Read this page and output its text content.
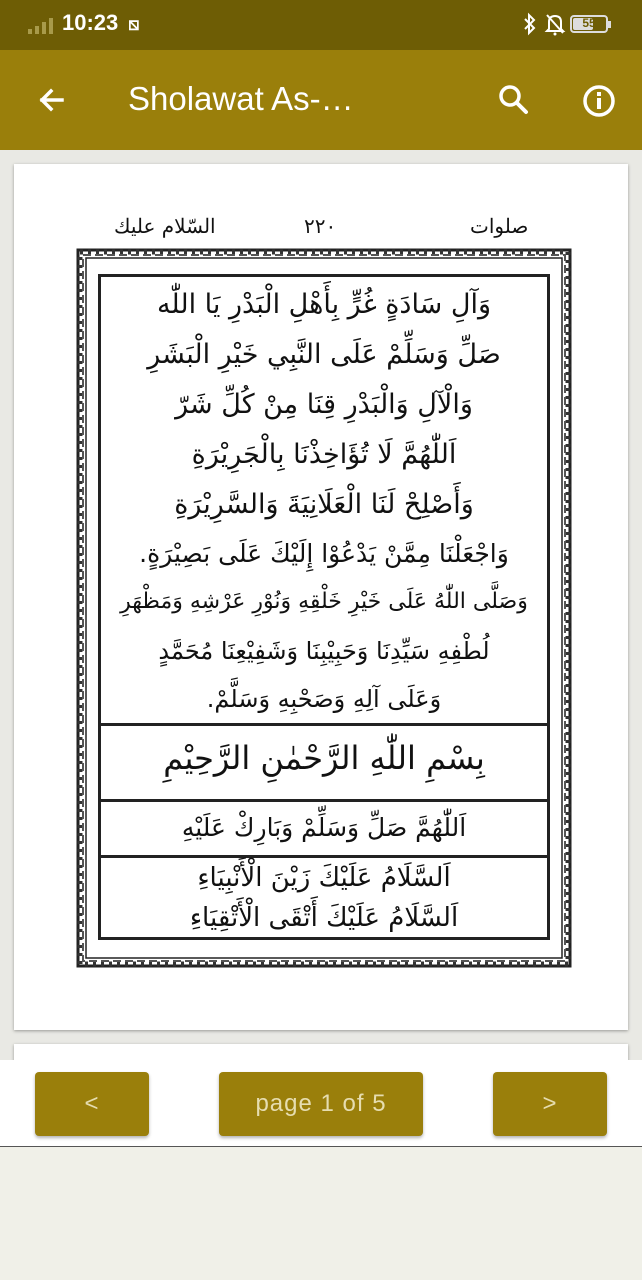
10:23 ⧅	55
Sholawat As-…
السّلام عليك	٢٢٠	صلوات
وَآلِ سَادَةٍ غُرٍّ بِأَهْلِ الْبَدْرِ يَا اللّٰه
صَلِّ وَسَلِّمْ عَلَى النَّبِي خَيْرِ الْبَشَرِ
وَالْآلِ وَالْبَدْرِ قِنَا مِنْ كُلِّ شَرّ
اَللّٰهُمَّ لَا تُؤَاخِذْنَا بِالْجَرِيْرَةِ
وَأَصْلِحْ لَنَا الْعَلَانِيَةَ وَالسَّرِيْرَةِ
وَاجْعَلْنَا مِمَّنْ يَدْعُوْا إِلَيْكَ عَلَى بَصِيْرَةٍ.
وَصَلَّى اللّٰهُ عَلَى خَيْرِ خَلْقِهِ وَنُوْرِ عَرْشِهِ وَمَظْهَرِ
لُطْفِهِ سَيِّدِنَا وَحَبِيْبِنَا وَشَفِيْعِنَا مُحَمَّدٍ
وَعَلَى آلِهِ وَصَحْبِهِ وَسَلَّمْ.
بِسْمِ اللّٰهِ الرَّحْمٰنِ الرَّحِيْمِ
اَللّٰهُمَّ صَلِّ وَسَلِّمْ وَبَارِكْ عَلَيْهِ
اَلسَّلَامُ عَلَيْكَ زَيْنَ الْأَنْبِيَاءِ
اَلسَّلَامُ عَلَيْكَ أَتْقَى الْأَتْقِيَاءِ
<	page 1 of 5	>
